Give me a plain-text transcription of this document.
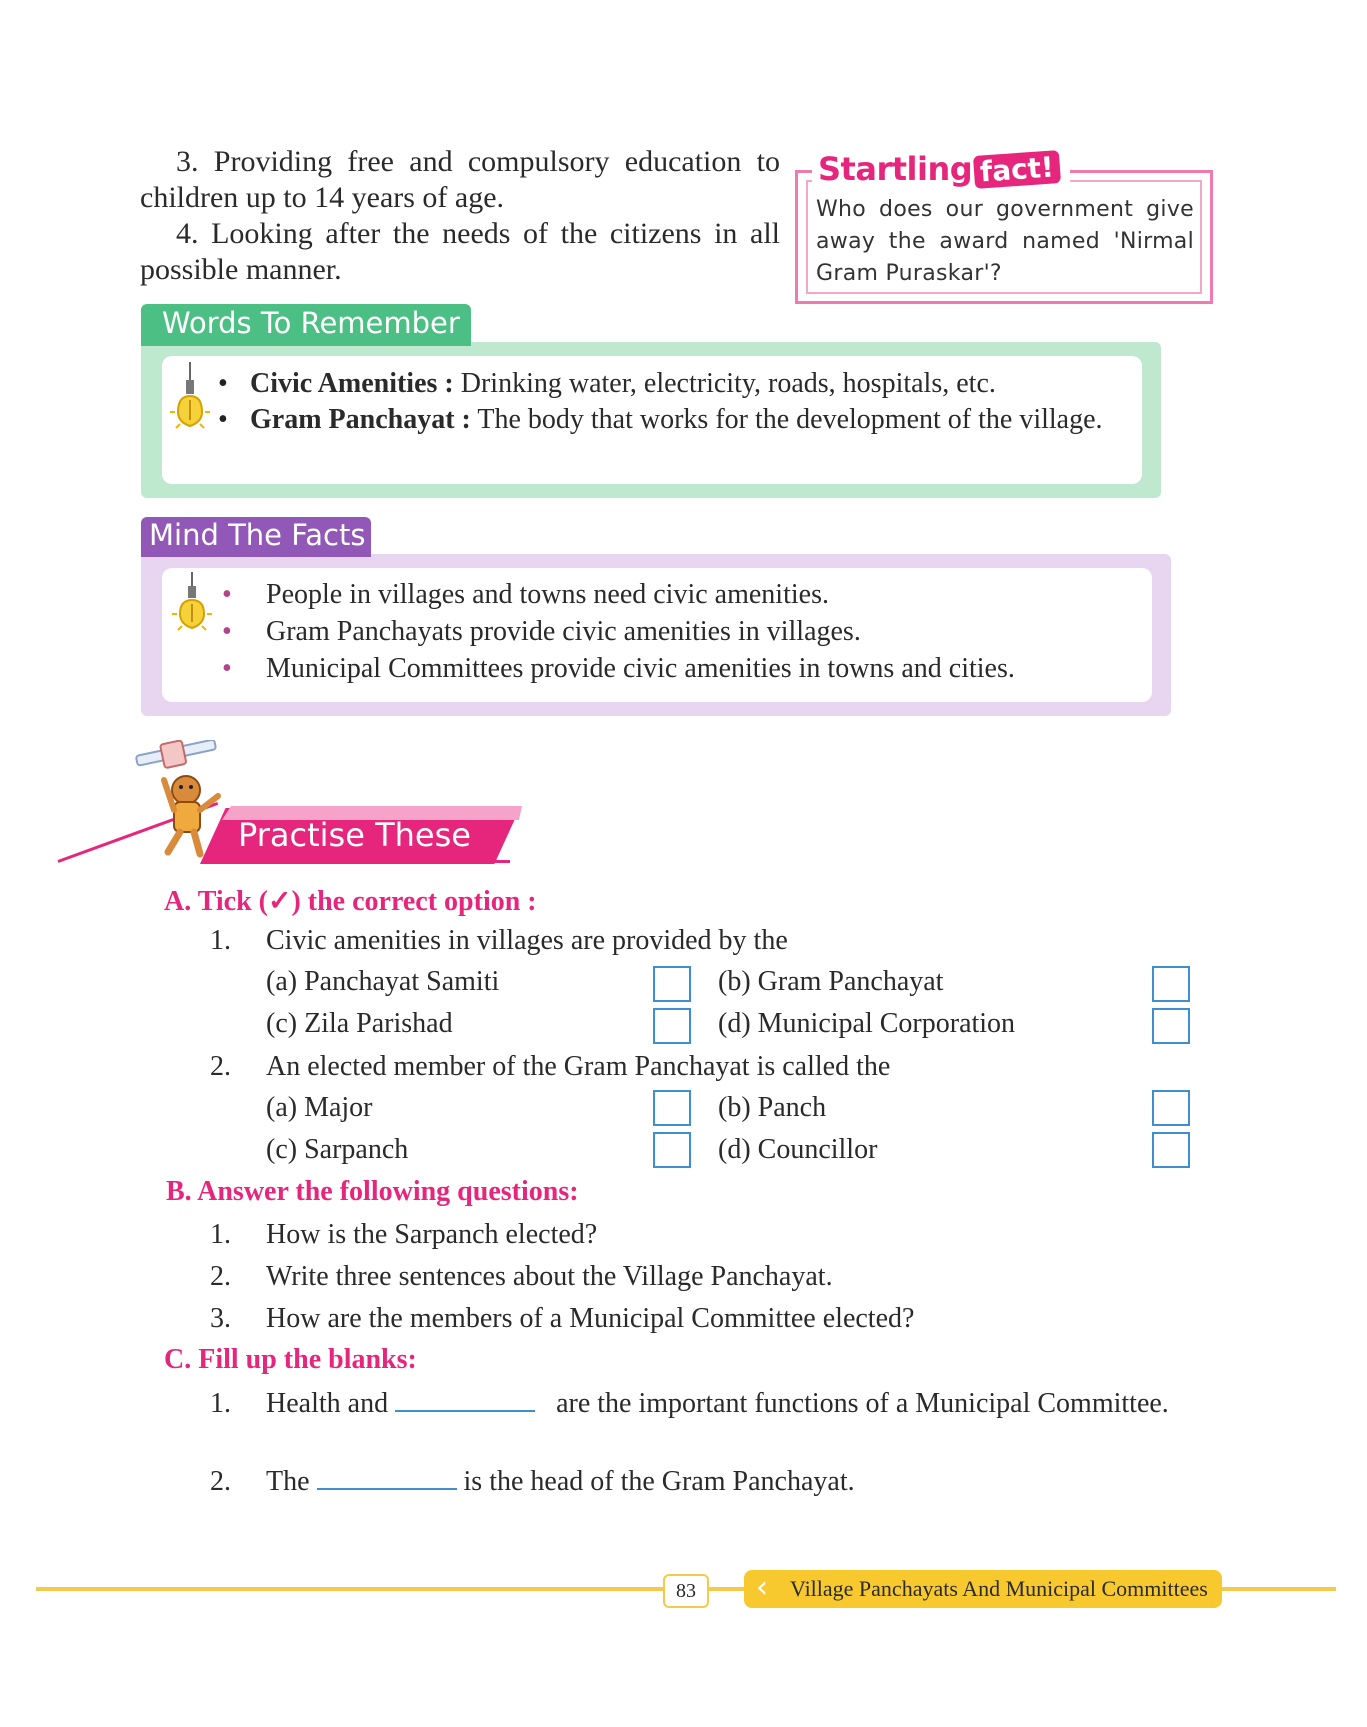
3. Providing free and compulsory education to children up to 14 years of age.

4. Looking after the needs of the citizens in all possible manner.

Startling fact!
Who does our government give away the award named 'Nirmal Gram Puraskar'?
Words To Remember
• Civic Amenities : Drinking water, electricity, roads, hospitals, etc.
• Gram Panchayat : The body that works for the development of the village.
Mind The Facts
• People in villages and towns need civic amenities.
• Gram Panchayats provide civic amenities in villages.
• Municipal Committees provide civic amenities in towns and cities.
Practise These
A. Tick (✓) the correct option :
1. Civic amenities in villages are provided by the
(a) Panchayat Samiti	(b) Gram Panchayat
(c) Zila Parishad	(d) Municipal Corporation
2. An elected member of the Gram Panchayat is called the
(a) Major	(b) Panch
(c) Sarpanch	(d) Councillor
B. Answer the following questions:
1. How is the Sarpanch elected?
2. Write three sentences about the Village Panchayat.
3. How are the members of a Municipal Committee elected?
C. Fill up the blanks:
1.	Health and	are the important functions of a Municipal Committee.
2. The	is the head of the Gram Panchayat.
83	‹ Village Panchayats And Municipal Committees
